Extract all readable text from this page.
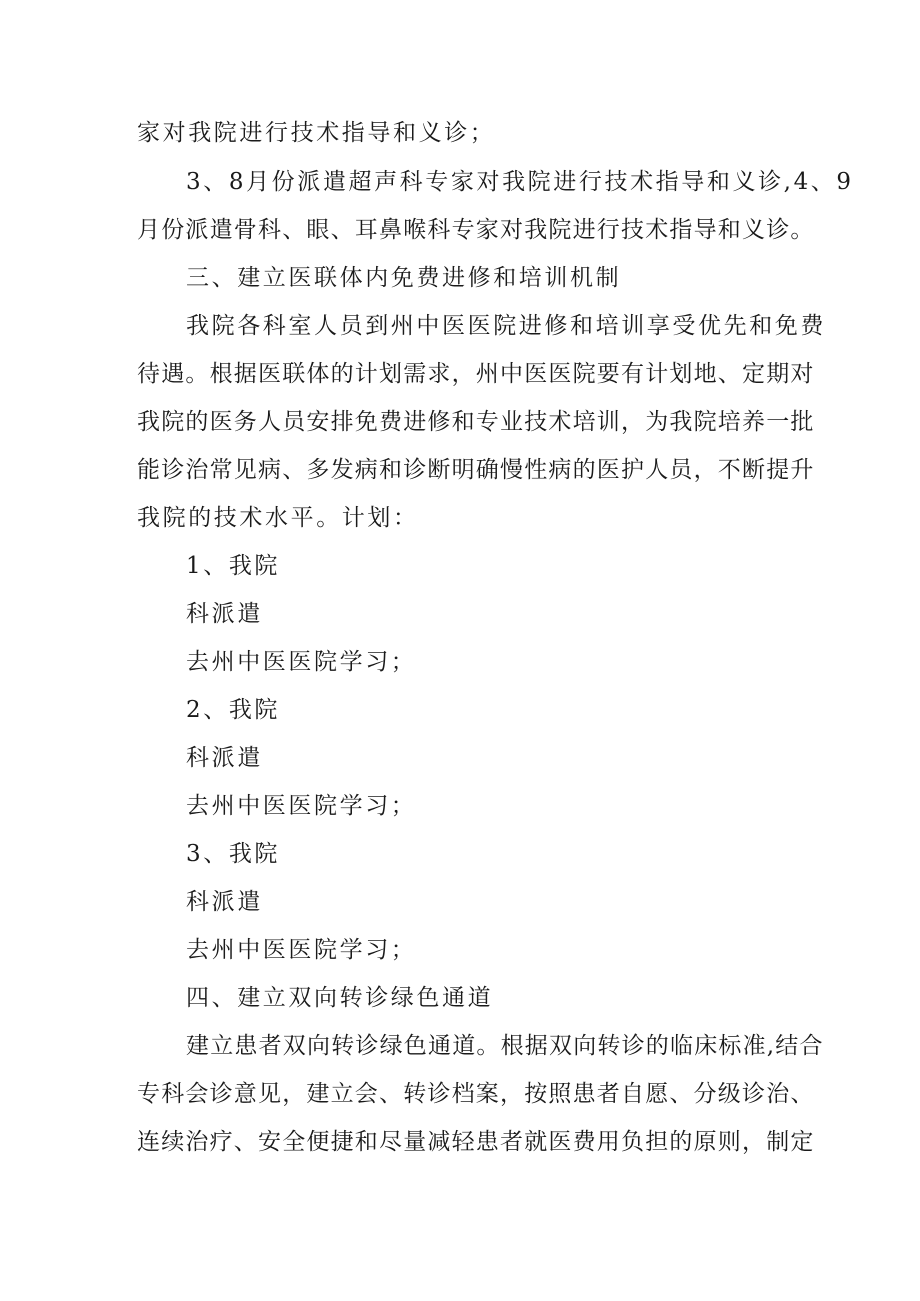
家对我院进行技术指导和义诊；
3、8月份派遣超声科专家对我院进行技术指导和义诊,4、9
月份派遣骨科、眼、耳鼻喉科专家对我院进行技术指导和义诊。
三、建立医联体内免费进修和培训机制
我院各科室人员到州中医医院进修和培训享受优先和免费
待遇。根据医联体的计划需求，州中医医院要有计划地、定期对
我院的医务人员安排免费进修和专业技术培训，为我院培养一批
能诊治常见病、多发病和诊断明确慢性病的医护人员，不断提升
我院的技术水平。计划：
1、我院
科派遣
去州中医医院学习；
2、我院
科派遣
去州中医医院学习；
3、我院
科派遣
去州中医医院学习；
四、建立双向转诊绿色通道
建立患者双向转诊绿色通道。根据双向转诊的临床标准,结合
专科会诊意见，建立会、转诊档案，按照患者自愿、分级诊治、
连续治疗、安全便捷和尽量减轻患者就医费用负担的原则，制定
